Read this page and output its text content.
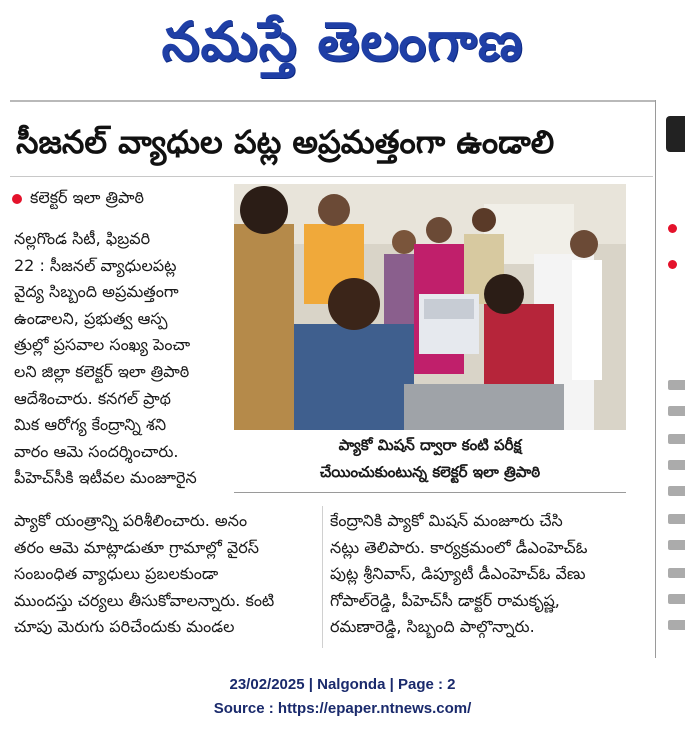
నమస్తే తెలంగాణ
సీజనల్ వ్యాధుల పట్ల అప్రమత్తంగా ఉండాలి
కలెక్టర్ ఇలా త్రిపాఠి
నల్లగొండ సిటీ, ఫిబ్రవరి
22 : సీజనల్ వ్యాధులపట్ల
వైద్య సిబ్బంది అప్రమత్తంగా
ఉండాలని, ప్రభుత్వ ఆస్ప
త్రుల్లో ప్రసవాల సంఖ్య పెంచా
లని జిల్లా కలెక్టర్ ఇలా త్రిపాఠి
ఆదేశించారు. కనగల్ ప్రాథ
మిక ఆరోగ్య కేంద్రాన్ని శని
వారం ఆమె సందర్శించారు.
పీహెచ్‌సీకి ఇటీవల మంజూరైన
ప్యాకో మిషన్ ద్వారా కంటి పరీక్ష
చేయించుకుంటున్న కలెక్టర్ ఇలా త్రిపాఠి
ప్యాకో యంత్రాన్ని పరిశీలించారు. అనం
తరం ఆమె మాట్లాడుతూ గ్రామాల్లో వైరస్
సంబంధిత వ్యాధులు ప్రబలకుండా
ముందస్తు చర్యలు తీసుకోవాలన్నారు. కంటి
చూపు మెరుగు పరిచేందుకు మండల
కేంద్రానికి ప్యాకో మిషన్ మంజూరు చేసి
నట్లు తెలిపారు. కార్యక్రమంలో డీఎంహెచ్‌ఓ
పుట్ల శ్రీనివాస్, డిప్యూటీ డీఎంహెచ్‌ఓ వేణు
గోపాల్‌రెడ్డి, పీహెచ్‌సీ డాక్టర్ రామకృష్ణ,
రమణారెడ్డి, సిబ్బంది పాల్గొన్నారు.
23/02/2025 | Nalgonda | Page : 2
Source : https://epaper.ntnews.com/
